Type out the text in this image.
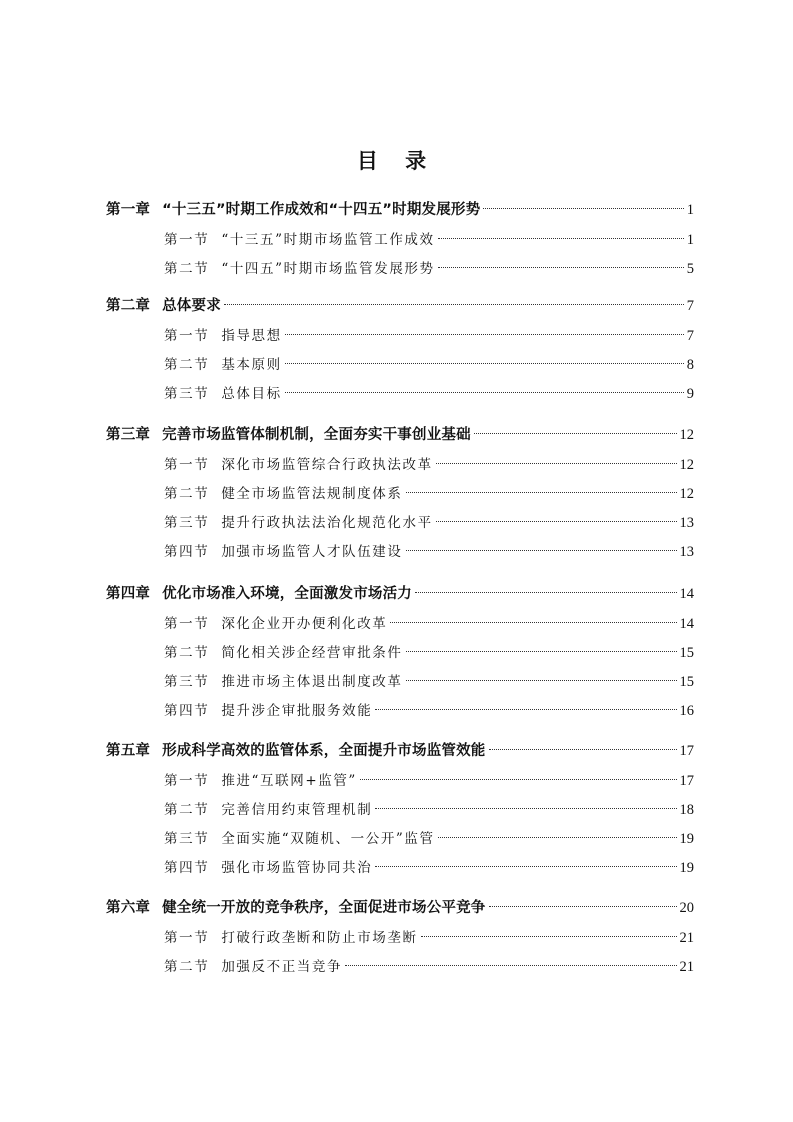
目 录
第一章 “十三五”时期工作成效和“十四五”时期发展形势	1
第一节 “十三五”时期市场监管工作成效	1
第二节 “十四五”时期市场监管发展形势	5
第二章 总体要求	7
第一节 指导思想	7
第二节 基本原则	8
第三节 总体目标	9
第三章 完善市场监管体制机制，全面夯实干事创业基础	12
第一节 深化市场监管综合行政执法改革	12
第二节 健全市场监管法规制度体系	12
第三节 提升行政执法法治化规范化水平	13
第四节 加强市场监管人才队伍建设	13
第四章 优化市场准入环境，全面激发市场活力	14
第一节 深化企业开办便利化改革	14
第二节 简化相关涉企经营审批条件	15
第三节 推进市场主体退出制度改革	15
第四节 提升涉企审批服务效能	16
第五章 形成科学高效的监管体系，全面提升市场监管效能	17
第一节 推进“互联网+监管”	17
第二节 完善信用约束管理机制	18
第三节 全面实施“双随机、一公开”监管	19
第四节 强化市场监管协同共治	19
第六章 健全统一开放的竞争秩序，全面促进市场公平竞争	20
第一节 打破行政垄断和防止市场垄断	21
第二节 加强反不正当竞争	21
